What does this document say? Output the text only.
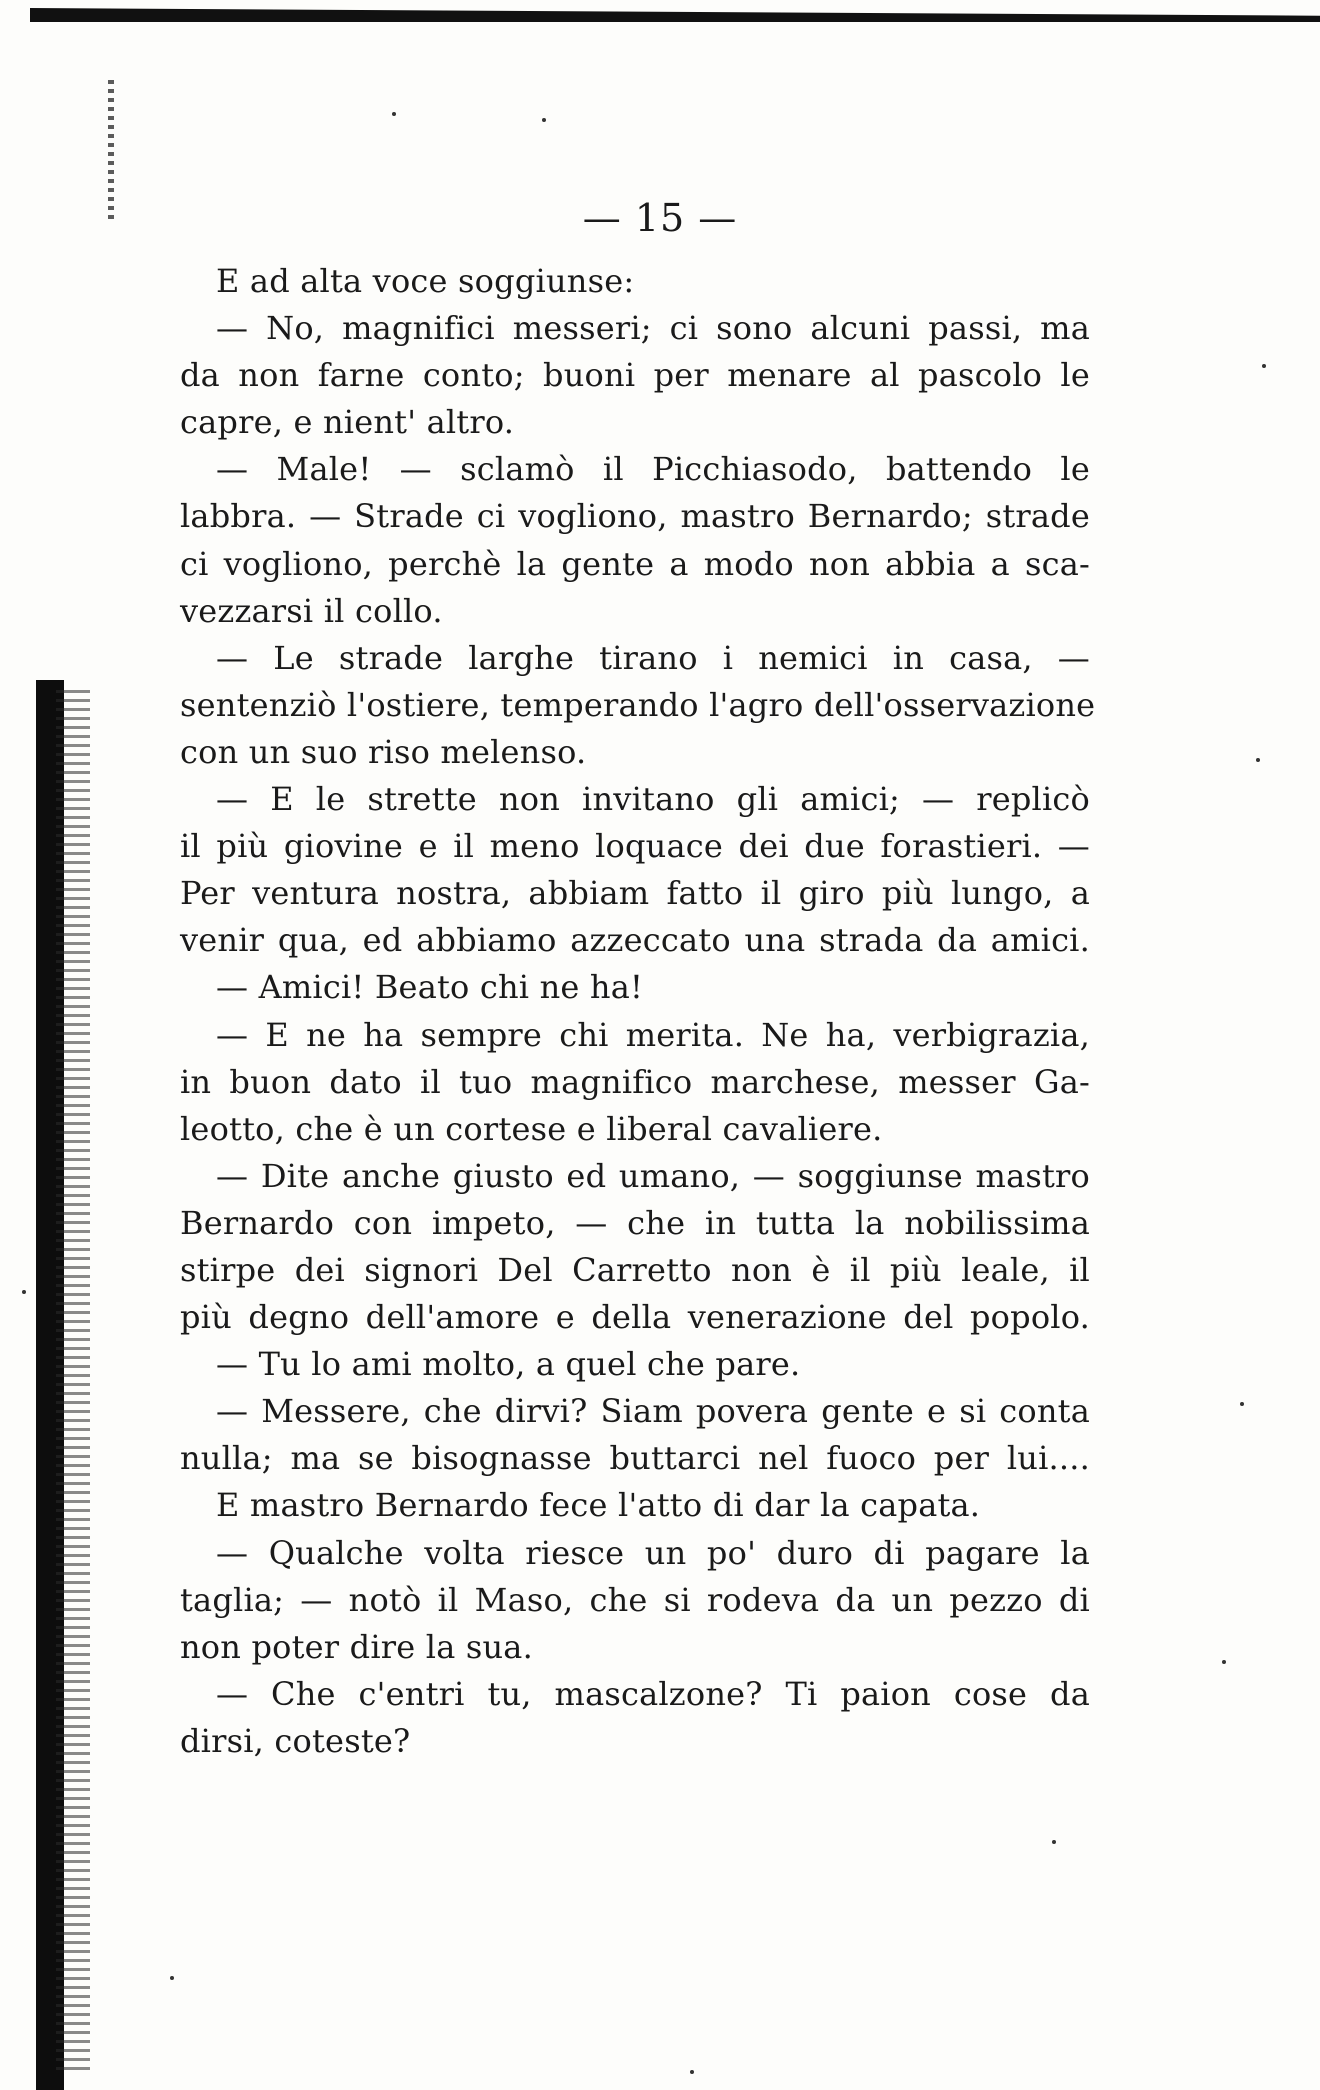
— 15 —
E ad alta voce soggiunse:
— No, magnifici messeri; ci sono alcuni passi, ma
da non farne conto; buoni per menare al pascolo le
capre, e nient' altro.
— Male! — sclamò il Picchiasodo, battendo le
labbra. — Strade ci vogliono, mastro Bernardo; strade
ci vogliono, perchè la gente a modo non abbia a sca-
vezzarsi il collo.
— Le strade larghe tirano i nemici in casa, —
sentenziò l'ostiere, temperando l'agro dell'osservazione
con un suo riso melenso.
— E le strette non invitano gli amici; — replicò
il più giovine e il meno loquace dei due forastieri. —
Per ventura nostra, abbiam fatto il giro più lungo, a
venir qua, ed abbiamo azzeccato una strada da amici.
— Amici! Beato chi ne ha!
— E ne ha sempre chi merita. Ne ha, verbigrazia,
in buon dato il tuo magnifico marchese, messer Ga-
leotto, che è un cortese e liberal cavaliere.
— Dite anche giusto ed umano, — soggiunse mastro
Bernardo con impeto, — che in tutta la nobilissima
stirpe dei signori Del Carretto non è il più leale, il
più degno dell'amore e della venerazione del popolo.
— Tu lo ami molto, a quel che pare.
— Messere, che dirvi? Siam povera gente e si conta
nulla; ma se bisognasse buttarci nel fuoco per lui....
E mastro Bernardo fece l'atto di dar la capata.
— Qualche volta riesce un po' duro di pagare la
taglia; — notò il Maso, che si rodeva da un pezzo di
non poter dire la sua.
— Che c'entri tu, mascalzone? Ti paion cose da
dirsi, coteste?
